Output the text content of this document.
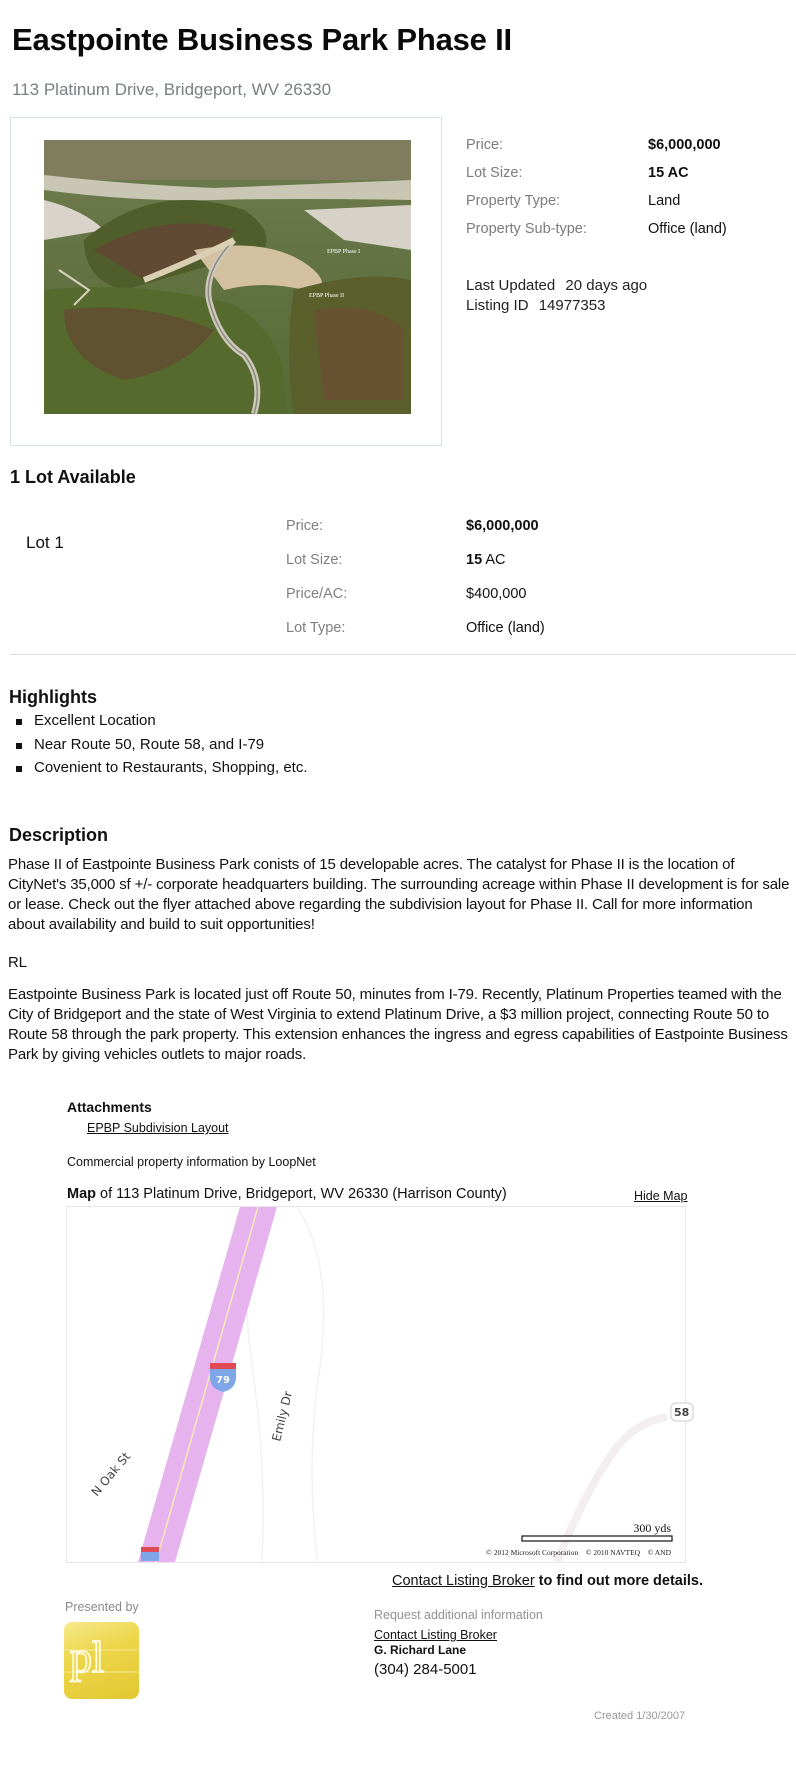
Eastpointe Business Park Phase II
113 Platinum Drive, Bridgeport, WV 26330
EPBP Phase I
EPBP Phase II
Price:	$6,000,000
Lot Size:	15 AC
Property Type:	Land
Property Sub-type:	Office (land)
Last Updated 20 days ago
Listing ID 14977353
1 Lot Available
Lot 1
Price:	$6,000,000
Lot Size:	15 AC
Price/AC:	$400,000
Lot Type:	Office (land)
Highlights
Excellent Location
Near Route 50, Route 58, and I-79
Covenient to Restaurants, Shopping, etc.
Description
Phase II of Eastpointe Business Park conists of 15 developable acres. The catalyst for Phase II is the location of CityNet's 35,000 sf +/- corporate headquarters building. The surrounding acreage within Phase II development is for sale or lease. Check out the flyer attached above regarding the subdivision layout for Phase II. Call for more information about availability and build to suit opportunities!
RL
Eastpointe Business Park is located just off Route 50, minutes from I-79. Recently, Platinum Properties teamed with the City of Bridgeport and the state of West Virginia to extend Platinum Drive, a $3 million project, connecting Route 50 to Route 58 through the park property. This extension enhances the ingress and egress capabilities of Eastpointe Business Park by giving vehicles outlets to major roads.
Attachments
EPBP Subdivision Layout
Commercial property information by LoopNet
Map of 113 Platinum Drive, Bridgeport, WV 26330 (Harrison County)	Hide Map
79
58
Emily Dr
N Oak St
300 yds
© 2012 Microsoft Corporation    © 2010 NAVTEQ    © AND
Contact Listing Broker to find out more details.
Presented by
pl
Request additional information
Contact Listing Broker
G. Richard Lane
(304) 284-5001
Created 1/30/2007
